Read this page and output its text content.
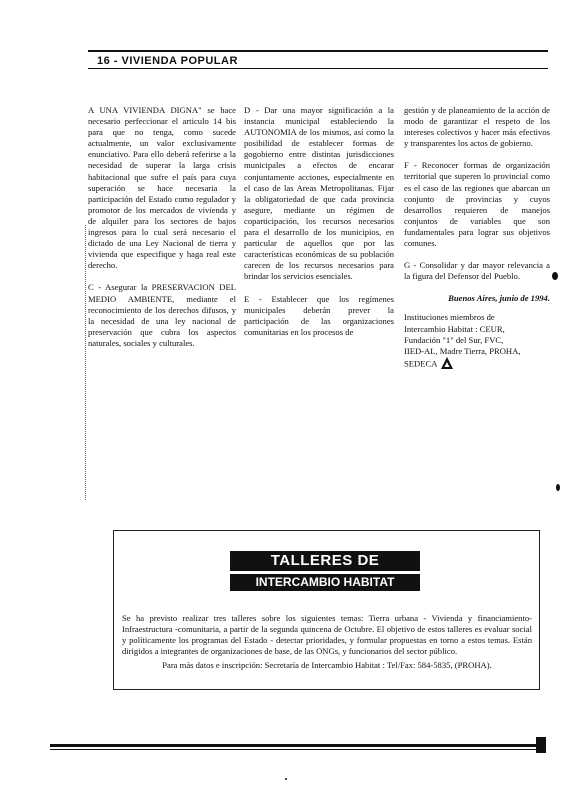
16 - VIVIENDA POPULAR

A UNA VIVIENDA DIGNA" se hace necesario perfeccionar el articulo 14 bis para que no tenga, como sucede actualmente, un valor exclusivamente enunciativo. Para ello deberá referirse a la necesidad de superar la larga crisis habitacional que sufre el país para cuya superación se hace necesaria la participación del Estado como regulador y promotor de los mercados de vivienda y de alquiler para los sectores de bajos ingresos para lo cual será necesario el dictado de una Ley Nacional de tierra y vivienda que especifique y haga real este derecho.

C - Asegurar la PRESERVACION DEL MEDIO AMBIENTE, mediante el reconocimiento de los derechos difusos, y la necesidad de una ley nacional de preservación que cubra los aspectos naturales, sociales y culturales.

D - Dar una mayor significación a la instancia municipal estableciendo la AUTONOMIA de los mismos, así como la posibilidad de establecer formas de gogobierno entre distintas jurisdicciones municipales a efectos de encarar conjuntamente acciones, especialmente en el caso de las Areas Metropolitanas. Fijar la obligatoriedad de que cada provincia asegure, mediante un régimen de coparticipación, los recursos necesarios para el desarrollo de los municipios, en particular de aquellos que por las características económicas de su población carecen de los recursos necesarios para brindar los servicios esenciales.

E - Establecer que los regímenes municipales deberán prever la participación de las organizaciones comunitarias en los procesos de

gestión y de planeamiento de la acción de modo de garantizar el respeto de los intereses colectivos y hacer más efectivos y transparentes los actos de gobierno.

F - Reconocer formas de organización territorial que superen lo provincial como es el caso de las regiones que abarcan un conjunto de provincias y cuyos desarrollos requieren de manejos conjuntos de variables que son fundamentales para lograr sus objetivos comunes.

G - Consolidar y dar mayor relevancia a la figura del Defensor del Pueblo.

Buenos Aires, junio de 1994.

Instituciones miembros de

Intercambio Habitat : CEUR,

Fundación "1" del Sur, FVC,

IIED-AL, Madre Tierra, PROHA,

SEDECA

TALLERES DE
INTERCAMBIO HABITAT

Se ha previsto realizar tres talleres sobre los siguientes temas: Tierra urbana - Vivienda y financiamiento- Infraestructura -comunitaria, a partir de la segunda quincena de Octubre. El objetivo de estos talleres es evaluar social y políticamente los programas del Estado - detectar prioridades, y formular propuestas en torno a estos temas. Están dirigidos a integrantes de organizaciones de base, de las ONGs, y funcionarios del sector público.

Para más datos e inscripción: Secretaría de Intercambio Habitat : Tel/Fax: 584-5835, (PROHA).
